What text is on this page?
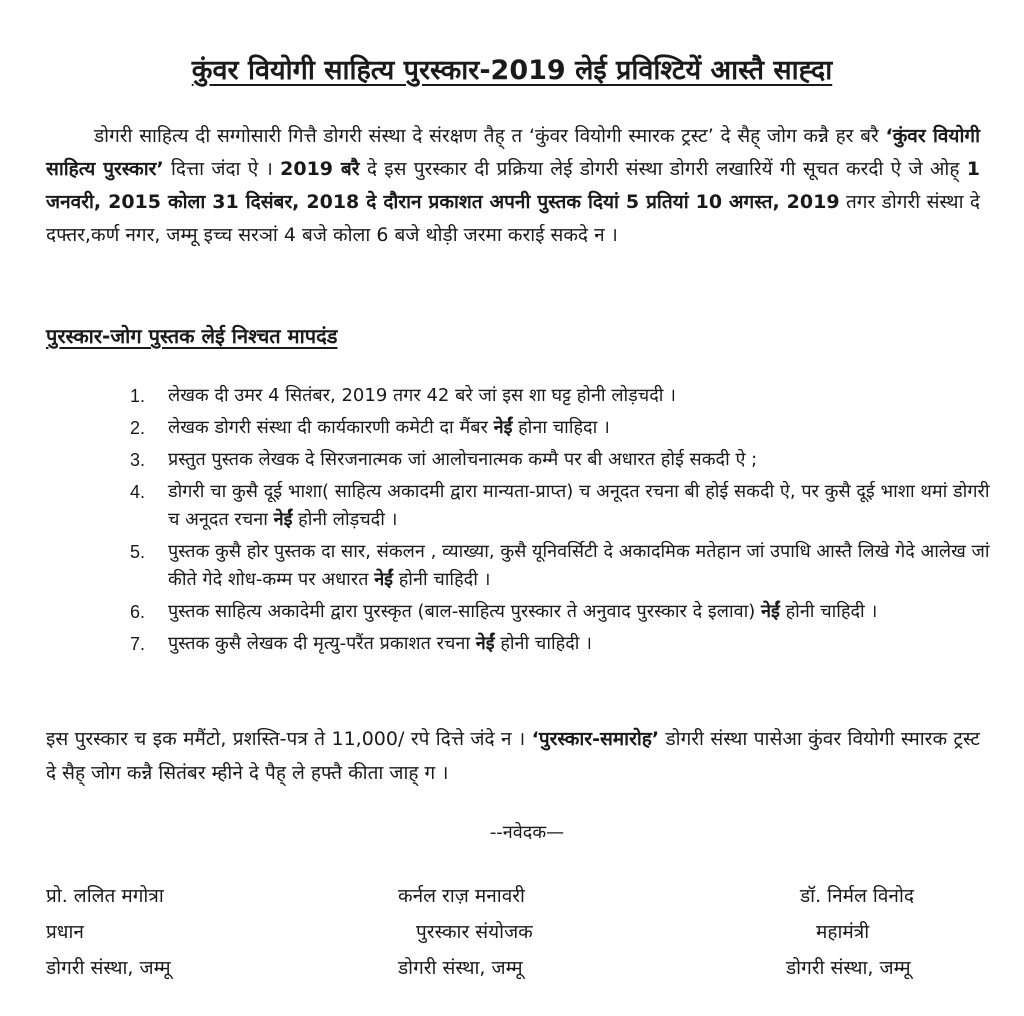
कुंवर वियोगी साहित्य पुरस्कार-2019 लेई प्रविश्टियें आस्तै साह्दा
डोगरी साहित्य दी सग्गोसारी गित्तै डोगरी संस्था दे संरक्षण तैह् त ‘कुंवर वियोगी स्मारक ट्रस्ट’ दे सैह् जोग कन्नै हर बरै ‘कुंवर वियोगी साहित्य पुरस्कार’ दित्ता जंदा ऐ । 2019 बरै दे इस पुरस्कार दी प्रक्रिया लेई डोगरी संस्था डोगरी लखारियें गी सूचत करदी ऐ जे ओह् 1 जनवरी, 2015 कोला 31 दिसंबर, 2018 दे दौरान प्रकाशत अपनी पुस्तक दियां 5 प्रतियां 10 अगस्त, 2019 तगर डोगरी संस्था दे दफ्तर,कर्ण नगर, जम्मू इच्च सरञां 4 बजे कोला 6 बजे थोड़ी जरमा कराई सकदे न ।
पुरस्कार-जोग पुस्तक लेई निश्चत मापदंड
1. लेखक दी उमर 4 सितंबर, 2019 तगर 42 बरे जां इस शा घट्ट होनी लोड़चदी ।
2. लेखक डोगरी संस्था दी कार्यकारणी कमेटी दा मैंबर नेईं होना चाहिदा ।
3. प्रस्तुत पुस्तक लेखक दे सिरजनात्मक जां आलोचनात्मक कम्मै पर बी अधारत होई सकदी ऐ ;
4. डोगरी चा कुसै दूई भाशा( साहित्य अकादमी द्वारा मान्यता-प्राप्त) च अनूदत रचना बी होई सकदी ऐ, पर कुसै दूई भाशा थमां डोगरी च अनूदत रचना नेईं होनी लोड़चदी ।
5. पुस्तक कुसै होर पुस्तक दा सार, संकलन , व्याख्या, कुसै यूनिवर्सिटी दे अकादमिक मतेहान जां उपाधि आस्तै लिखे गेदे आलेख जां कीते गेदे शोध-कम्म पर अधारत नेईं होनी चाहिदी ।
6. पुस्तक साहित्य अकादेमी द्वारा पुरस्कृत (बाल-साहित्य पुरस्कार ते अनुवाद पुरस्कार दे इलावा) नेईं होनी चाहिदी ।
7. पुस्तक कुसै लेखक दी मृत्यु-परैंत प्रकाशत रचना नेईं होनी चाहिदी ।
इस पुरस्कार च इक ममैंटो, प्रशस्ति-पत्र ते 11,000/ रपे दित्ते जंदे न । ‘पुरस्कार-समारोह’ डोगरी संस्था पासेआ कुंवर वियोगी स्मारक ट्रस्ट दे सैह् जोग कन्नै सितंबर म्हीने दे पैह् ले हफ्तै कीता जाह् ग ।
--नवेदक—
प्रो. ललित मगोत्रा
प्रधान
डोगरी संस्था, जम्मू
कर्नल राज़ मनावरी
पुरस्कार संयोजक
डोगरी संस्था, जम्मू
डॉ. निर्मल विनोद
महामंत्री
डोगरी संस्था, जम्मू
